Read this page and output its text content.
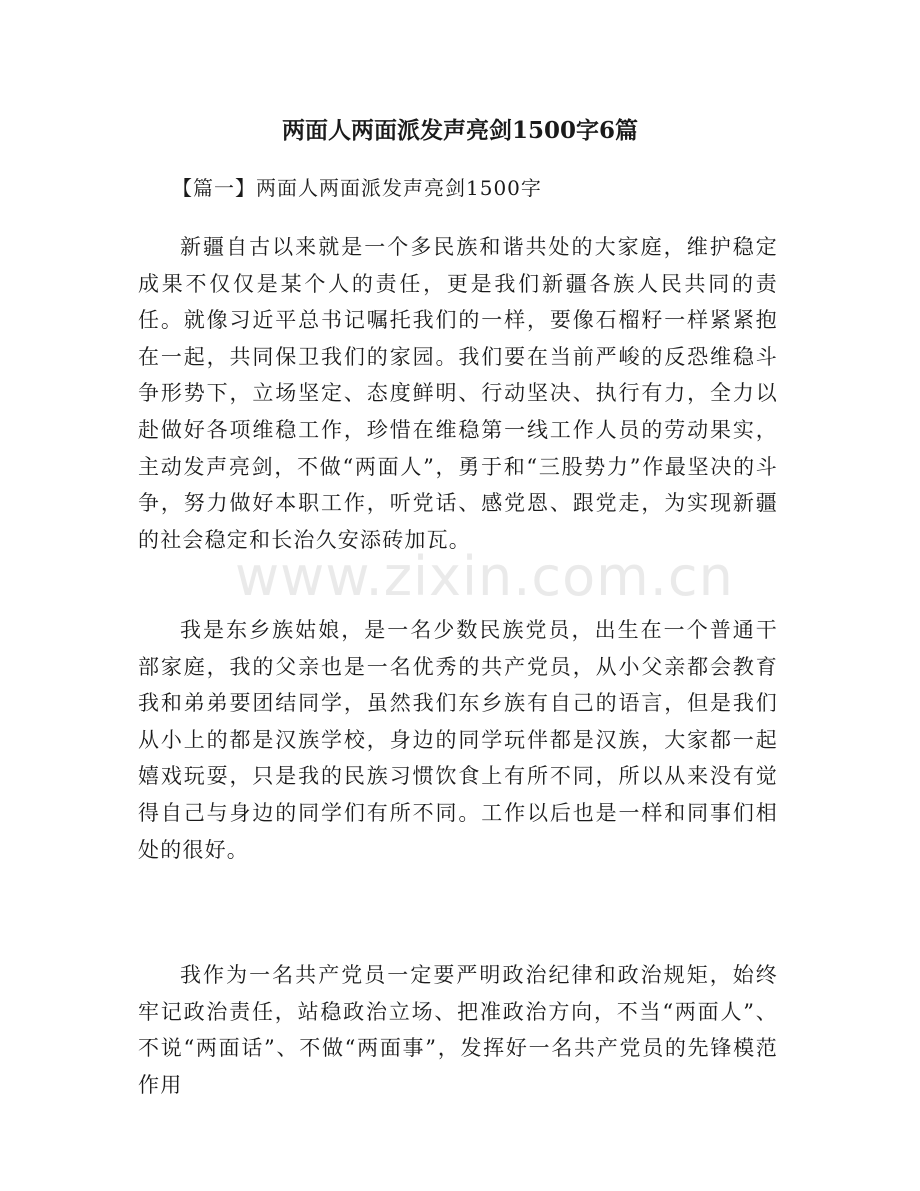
两面人两面派发声亮剑1500字6篇

【篇一】两面人两面派发声亮剑1500字

新疆自古以来就是一个多民族和谐共处的大家庭，维护稳定成果不仅仅是某个人的责任，更是我们新疆各族人民共同的责任。就像习近平总书记嘱托我们的一样，要像石榴籽一样紧紧抱在一起，共同保卫我们的家园。我们要在当前严峻的反恐维稳斗争形势下，立场坚定、态度鲜明、行动坚决、执行有力，全力以赴做好各项维稳工作，珍惜在维稳第一线工作人员的劳动果实，主动发声亮剑，不做“两面人”，勇于和“三股势力”作最坚决的斗争，努力做好本职工作，听党话、感党恩、跟党走，为实现新疆的社会稳定和长治久安添砖加瓦。

我是东乡族姑娘，是一名少数民族党员，出生在一个普通干部家庭，我的父亲也是一名优秀的共产党员，从小父亲都会教育我和弟弟要团结同学，虽然我们东乡族有自己的语言，但是我们从小上的都是汉族学校，身边的同学玩伴都是汉族，大家都一起嬉戏玩耍，只是我的民族习惯饮食上有所不同，所以从来没有觉得自己与身边的同学们有所不同。工作以后也是一样和同事们相处的很好。

我作为一名共产党员一定要严明政治纪律和政治规矩，始终牢记政治责任，站稳政治立场、把准政治方向，不当“两面人”、不说“两面话”、不做“两面事”，发挥好一名共产党员的先锋模范作用

www.zixin.com.cn
